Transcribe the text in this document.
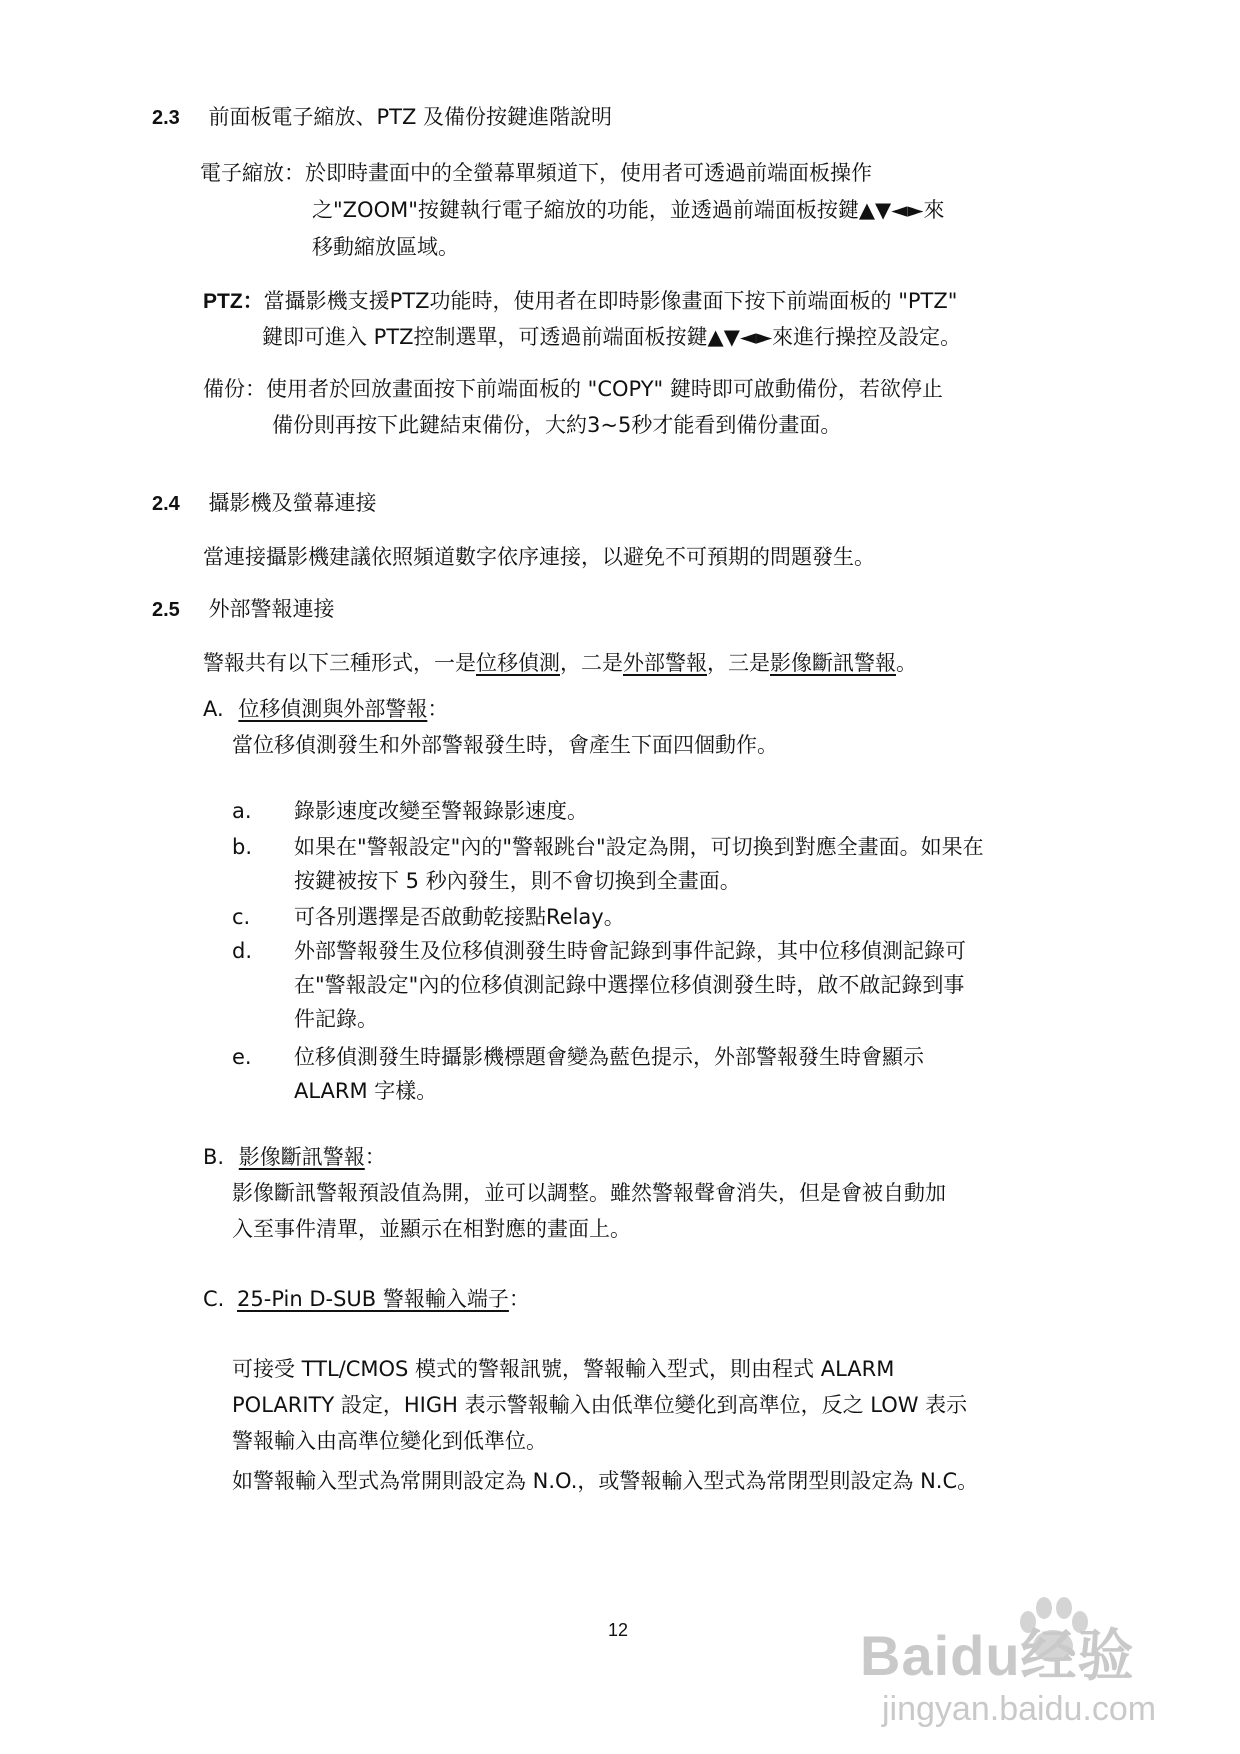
2.3 前面板電子縮放、PTZ 及備份按鍵進階說明
電子縮放：於即時畫面中的全螢幕單頻道下，使用者可透過前端面板操作
之"ZOOM"按鍵執行電子縮放的功能，並透過前端面板按鍵▲▼◄►來
移動縮放區域。
PTZ：當攝影機支援PTZ功能時，使用者在即時影像畫面下按下前端面板的 "PTZ"
鍵即可進入 PTZ控制選單，可透過前端面板按鍵▲▼◄►來進行操控及設定。
備份：使用者於回放畫面按下前端面板的 "COPY" 鍵時即可啟動備份，若欲停止
備份則再按下此鍵結束備份，大約3~5秒才能看到備份畫面。
2.4 攝影機及螢幕連接
當連接攝影機建議依照頻道數字依序連接，以避免不可預期的問題發生。
2.5 外部警報連接
警報共有以下三種形式，一是位移偵測，二是外部警報，三是影像斷訊警報。
A. 位移偵測與外部警報：
當位移偵測發生和外部警報發生時，會產生下面四個動作。
a. 錄影速度改變至警報錄影速度。
b. 如果在"警報設定"內的"警報跳台"設定為開，可切換到對應全畫面。如果在
按鍵被按下 5 秒內發生，則不會切換到全畫面。
c. 可各別選擇是否啟動乾接點Relay。
d. 外部警報發生及位移偵測發生時會記錄到事件記錄，其中位移偵測記錄可
在"警報設定"內的位移偵測記錄中選擇位移偵測發生時，啟不啟記錄到事
件記錄。
e. 位移偵測發生時攝影機標題會變為藍色提示，外部警報發生時會顯示
ALARM 字樣。
B. 影像斷訊警報：
影像斷訊警報預設值為開，並可以調整。雖然警報聲會消失，但是會被自動加
入至事件清單，並顯示在相對應的畫面上。
C. 25-Pin D-SUB 警報輸入端子：
可接受 TTL/CMOS 模式的警報訊號，警報輸入型式，則由程式 ALARM
POLARITY 設定，HIGH 表示警報輸入由低準位變化到高準位，反之 LOW 表示
警報輸入由高準位變化到低準位。
如警報輸入型式為常開則設定為 N.O.，或警報輸入型式為常閉型則設定為 N.C。
12	Baidu经验
jingyan.baidu.com
